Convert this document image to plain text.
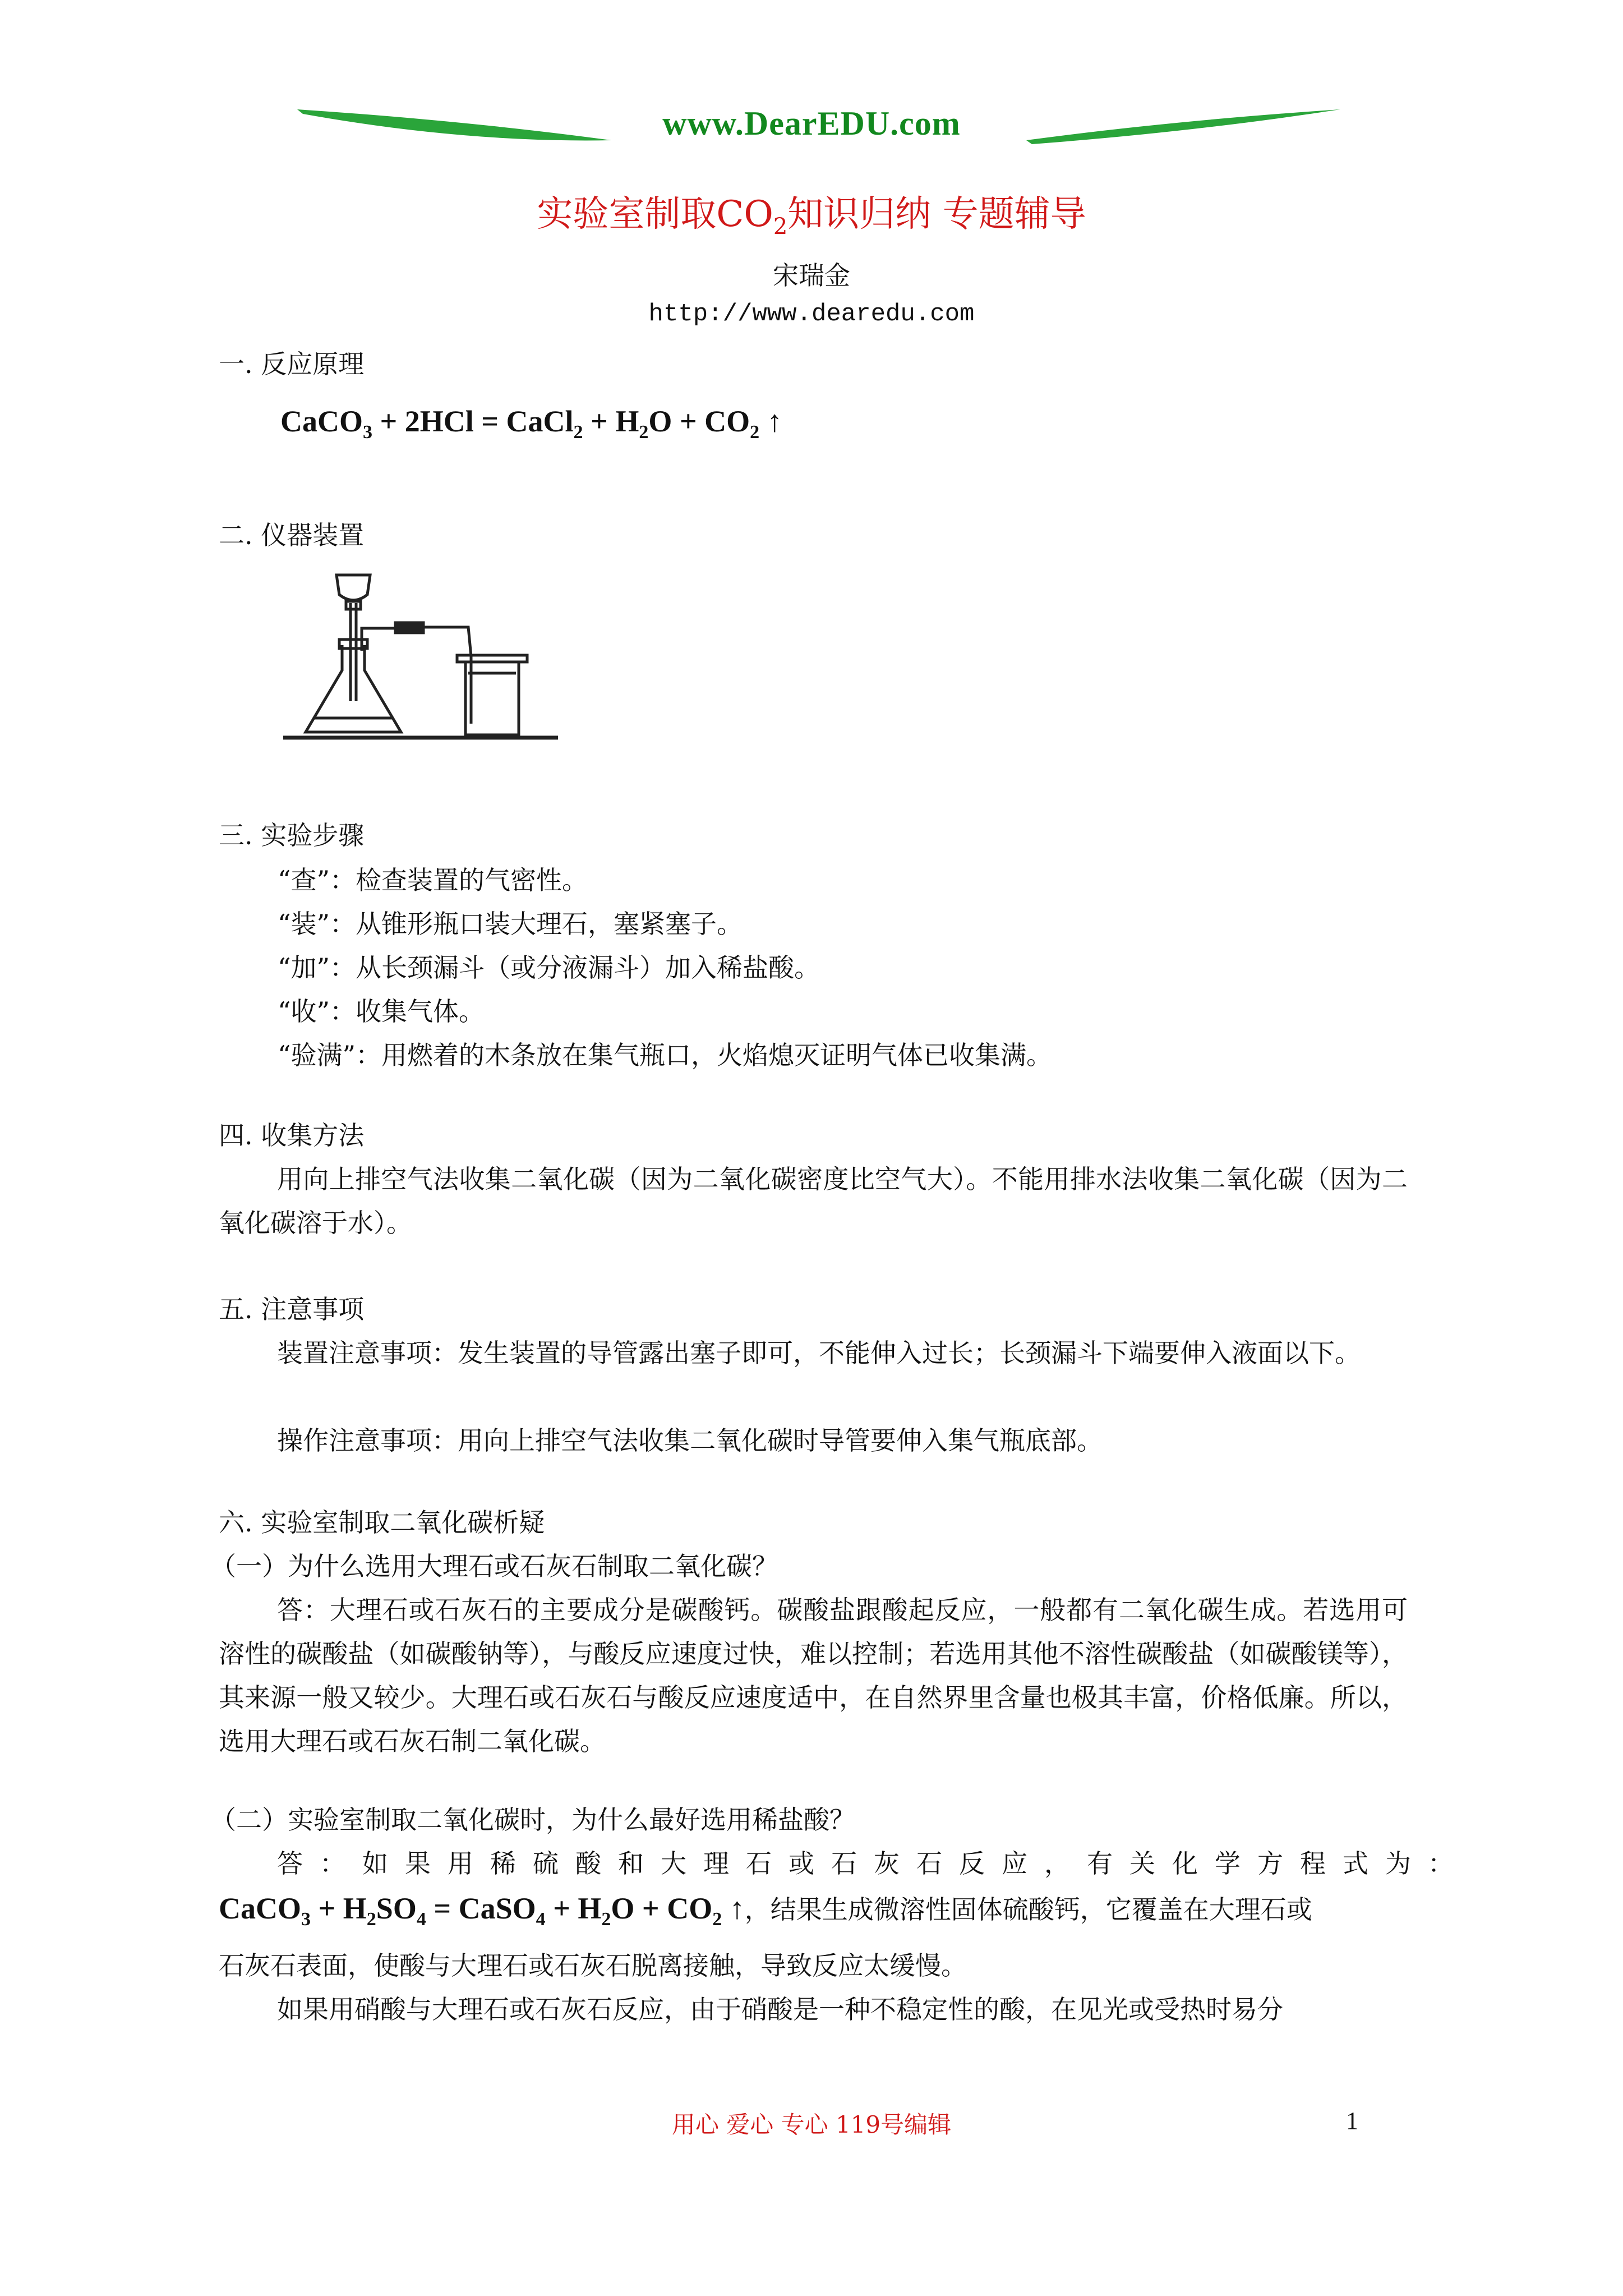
www.DearEDU.com
实验室制取$CO_2$知识归纳 专题辅导
宋瑞金
http://www.dearedu.com
一. 反应原理
CaCO$_3$ + 2HCl = CaCl$_2$ + $H_2O + CO_2$ ↑
二. 仪器装置
三. 实验步骤
“查”：检查装置的气密性。
“装”：从锥形瓶口装大理石，塞紧塞子。
“加”：从长颈漏斗（或分液漏斗）加入稀盐酸。
“收”：收集气体。
“验满”：用燃着的木条放在集气瓶口，火焰熄灭证明气体已收集满。
四. 收集方法
用向上排空气法收集二氧化碳（因为二氧化碳密度比空气大）。不能用排水法收集二氧化碳（因为二氧化碳溶于水）。
五. 注意事项
装置注意事项：发生装置的导管露出塞子即可，不能伸入过长；长颈漏斗下端要伸入液面以下。
操作注意事项：用向上排空气法收集二氧化碳时导管要伸入集气瓶底部。
六. 实验室制取二氧化碳析疑
（一）为什么选用大理石或石灰石制取二氧化碳？
答：大理石或石灰石的主要成分是碳酸钙。碳酸盐跟酸起反应，一般都有二氧化碳生成。若选用可溶性的碳酸盐（如碳酸钠等），与酸反应速度过快，难以控制；若选用其他不溶性碳酸盐（如碳酸镁等），其来源一般又较少。大理石或石灰石与酸反应速度适中，在自然界里含量也极其丰富，价格低廉。所以，选用大理石或石灰石制二氧化碳。
（二）实验室制取二氧化碳时，为什么最好选用稀盐酸？
答：如果用稀硫酸和大理石或石灰石反应，有关化学方程式为：
CaCO$_3$ + $H_2SO_4$ = CaSO$_4$ + $H_2O + CO_2$ ↑，结果生成微溶性固体硫酸钙，它覆盖在大理石或
石灰石表面，使酸与大理石或石灰石脱离接触，导致反应太缓慢。
如果用硝酸与大理石或石灰石反应，由于硝酸是一种不稳定性的酸，在见光或受热时易分
用心 爱心 专心 119号编辑	1
